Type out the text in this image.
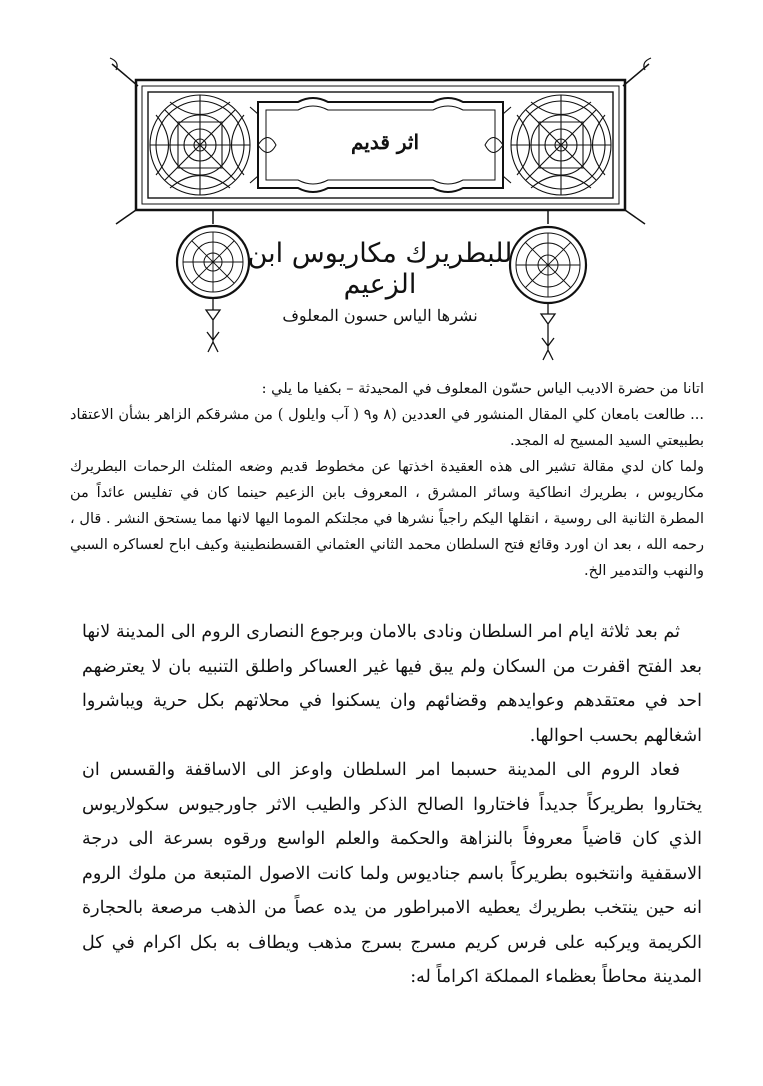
اثر قديم
للبطريرك مكاريوس ابن الزعيم
نشرها الياس حسون المعلوف

اتانا من حضرة الاديب الياس حسّون المعلوف في المحيدثة – بكفيا ما يلي :

... طالعت بامعان كلي المقال المنشور في العددين (٨ و٩ ( آب وايلول ) من مشرقكم الزاهر بشأن الاعتقاد بطبيعتي السيد المسيح له المجد.

ولما كان لدي مقالة تشير الى هذه العقيدة اخذتها عن مخطوط قديم وضعه المثلث الرحمات البطريرك مكاريوس ، بطريرك انطاكية وسائر المشرق ، المعروف بابن الزعيم حينما كان في تفليس عائداً من المطرة الثانية الى روسية ، انقلها اليكم راجياً نشرها في مجلتكم الموما اليها لانها مما يستحق النشر . قال ، رحمه الله ، بعد ان اورد وقائع فتح السلطان محمد الثاني العثماني القسطنطينية وكيف اباح لعساكره السبي والنهب والتدمير الخ.

ثم بعد ثلاثة ايام امر السلطان ونادى بالامان وبرجوع النصارى الروم الى المدينة لانها بعد الفتح اقفرت من السكان ولم يبق فيها غير العساكر واطلق التنبيه بان لا يعترضهم احد في معتقدهم وعوايدهم وقضائهم وان يسكنوا في محلاتهم بكل حرية ويباشروا اشغالهم بحسب احوالها.

فعاد الروم الى المدينة حسبما امر السلطان واوعز الى الاساقفة والقسس ان يختاروا بطريركاً جديداً فاختاروا الصالح الذكر والطيب الاثر جاورجيوس سكولاريوس الذي كان قاضياً معروفاً بالنزاهة والحكمة والعلم الواسع ورقوه بسرعة الى درجة الاسقفية وانتخبوه بطريركاً باسم جناديوس ولما كانت الاصول المتبعة من ملوك الروم انه حين ينتخب بطريرك يعطيه الامبراطور من يده عصاً من الذهب مرصعة بالحجارة الكريمة ويركبه على فرس كريم مسرج بسرج مذهب ويطاف به بكل اكرام في كل المدينة محاطاً بعظماء المملكة اكراماً له:
